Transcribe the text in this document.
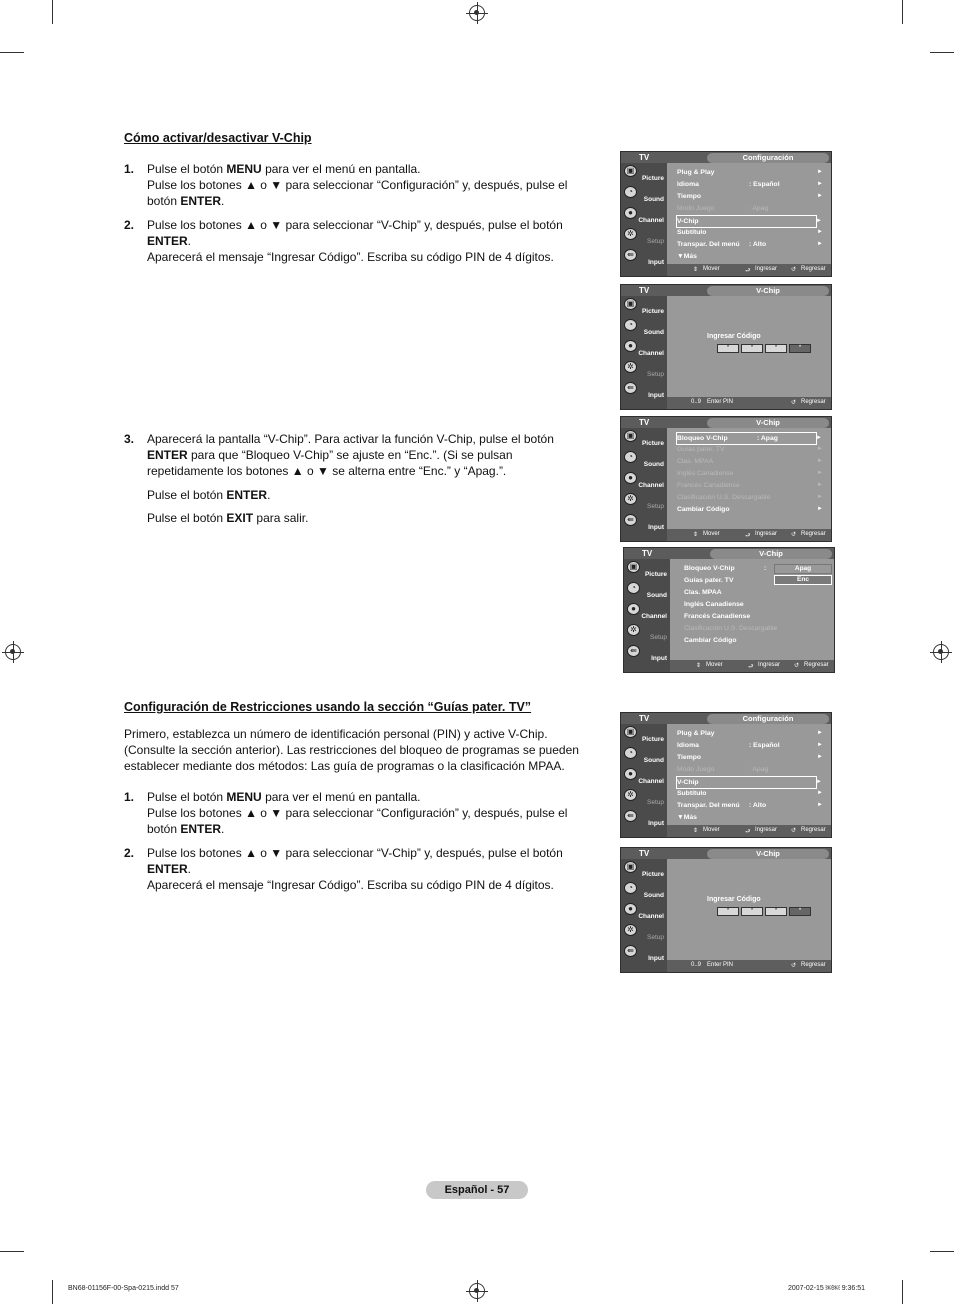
Cómo activar/desactivar V-Chip
1. Pulse el botón MENU para ver el menú en pantalla.
Pulse los botones ▲ o ▼ para seleccionar “Configuración” y, después, pulse el botón ENTER.
2. Pulse los botones ▲ o ▼ para seleccionar “V-Chip” y, después, pulse el botón ENTER.
Aparecerá el mensaje “Ingresar Código”. Escriba su código PIN de 4 dígitos.
3. Aparecerá la pantalla “V-Chip”. Para activar la función V-Chip, pulse el botón ENTER para que “Bloqueo V-Chip” se ajuste en “Enc.”. (Si se pulsan repetidamente los botones ▲ o ▼ se alterna entre “Enc.” y “Apag.”.
Pulse el botón ENTER.
Pulse el botón EXIT para salir.
Configuración de Restricciones usando la sección “Guías pater. TV”

Primero, establezca un número de identificación personal (PIN) y active V-Chip. (Consulte la sección anterior). Las restricciones del bloqueo de programas se pueden establecer mediante dos métodos: Las guía de programas o la clasificación MPAA.

1. Pulse el botón MENU para ver el menú en pantalla.
Pulse los botones ▲ o ▼ para seleccionar “Configuración” y, después, pulse el botón ENTER.
2. Pulse los botones ▲ o ▼ para seleccionar “V-Chip” y, después, pulse el botón ENTER.
Aparecerá el mensaje “Ingresar Código”. Escriba su código PIN de 4 dígitos.
TV	Configuración
▣
Picture
◔
Sound
●
Channel
✲
Setup
⇚
Input
Plug & Play	►
Idioma	: Español	►
Tiempo	►
Modo Juego	: Apag
V-Chip	►
Subtítulo	►
Transpar. Del menú : Alto	►
▼Más
⇕ Mover	⮐ Ingresar ↺ Regresar
TV	V-Chip
▣
Picture
◔
Sound
●
Channel
✲
Setup
⇚
Input
Ingresar Código
*	*	*	*
0..9 Enter PIN	↺ Regresar
TV	V-Chip
▣
Picture
◔
Sound
●
Channel
✲
Setup
⇚
Input
Bloqueo V-Chip	: Apag	►
Guías pater. TV	►
Clas. MPAA	►
Inglés Canadiense	►
Francés Canadiense	►
Clasificación U.S. Descargable	►
Cambiar Código	►
⇕ Mover	⮐ Ingresar ↺ Regresar
TV	V-Chip
▣
Picture
◔
Sound
●
Channel
✲
Setup
⇚
Input
Bloqueo V-Chip	:
Guías pater. TV
Clas. MPAA
Inglés Canadiense
Francés Canadiense
Clasificación U.S. Descargable
Cambiar Código
Apag
Enc
⇕ Mover	⮐ Ingresar ↺ Regresar
TV	Configuración
▣
Picture
◔
Sound
●
Channel
✲
Setup
⇚
Input
Plug & Play	►
Idioma	: Español	►
Tiempo	►
Modo Juego	: Apag
V-Chip	►
Subtítulo	►
Transpar. Del menú : Alto	►
▼Más
⇕ Mover	⮐ Ingresar ↺ Regresar
TV	V-Chip
▣
Picture
◔
Sound
●
Channel
✲
Setup
⇚
Input
Ingresar Código
*	*	*	*
0..9 Enter PIN	↺ Regresar
Español - 57
BN68-01156F-00-Spa-0215.indd 57	2007-02-15 ￼￼ 9:36:51
